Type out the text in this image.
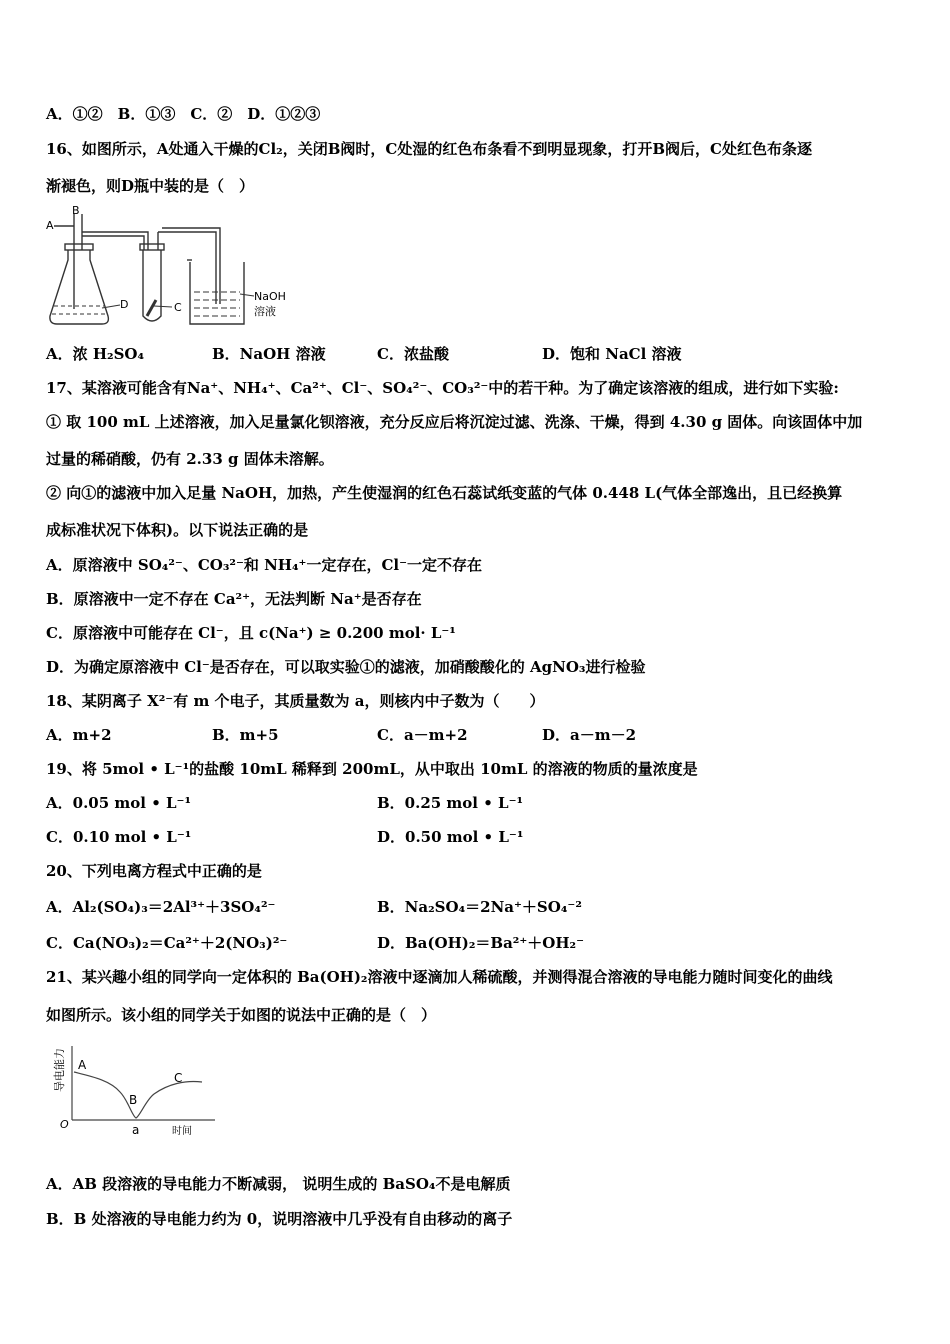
A．①②　B．①③　C．②　D．①②③
16、如图所示，A处通入干燥的Cl₂，关闭B阀时，C处湿的红色布条看不到明显现象，打开B阀后，C处红色布条逐
渐褪色，则D瓶中装的是（　）
A
B
C
D
NaOH
溶液
A．浓 H₂SO₄	B．NaOH 溶液	C．浓盐酸	D．饱和 NaCl 溶液
17、某溶液可能含有Na⁺、NH₄⁺、Ca²⁺、Cl⁻、SO₄²⁻、CO₃²⁻中的若干种。为了确定该溶液的组成，进行如下实验:
① 取 100 mL 上述溶液，加入足量氯化钡溶液，充分反应后将沉淀过滤、洗涤、干燥，得到 4.30 g 固体。向该固体中加
过量的稀硝酸，仍有 2.33 g 固体未溶解。
② 向①的滤液中加入足量 NaOH，加热，产生使湿润的红色石蕊试纸变蓝的气体 0.448 L(气体全部逸出，且已经换算
成标准状况下体积)。以下说法正确的是
A．原溶液中 SO₄²⁻、CO₃²⁻和 NH₄⁺一定存在，Cl⁻一定不存在
B．原溶液中一定不存在 Ca²⁺，无法判断 Na⁺是否存在
C．原溶液中可能存在 Cl⁻，且 c(Na⁺) ≥ 0.200 mol· L⁻¹
D．为确定原溶液中 Cl⁻是否存在，可以取实验①的滤液，加硝酸酸化的 AgNO₃进行检验
18、某阴离子 X²⁻有 m 个电子，其质量数为 a，则核内中子数为（　　）
A．m+2	B．m+5	C．a－m+2	D．a－m－2
19、将 5mol • L⁻¹的盐酸 10mL 稀释到 200mL，从中取出 10mL 的溶液的物质的量浓度是
A．0.05 mol • L⁻¹	B．0.25 mol • L⁻¹
C．0.10 mol • L⁻¹	D．0.50 mol • L⁻¹
20、下列电离方程式中正确的是
A．Al₂(SO₄)₃＝2Al³⁺＋3SO₄²⁻	B．Na₂SO₄＝2Na⁺＋SO₄⁻²
C．Ca(NO₃)₂＝Ca²⁺＋2(NO₃)²⁻	D．Ba(OH)₂＝Ba²⁺＋OH₂⁻
21、某兴趣小组的同学向一定体积的 Ba(OH)₂溶液中逐滴加人稀硫酸，并测得混合溶液的导电能力随时间变化的曲线
如图所示。该小组的同学关于如图的说法中正确的是（　）
导电能力
O
A
B
C
a	时间
A．AB 段溶液的导电能力不断减弱， 说明生成的 BaSO₄不是电解质
B．B 处溶液的导电能力约为 0，说明溶液中几乎没有自由移动的离子
